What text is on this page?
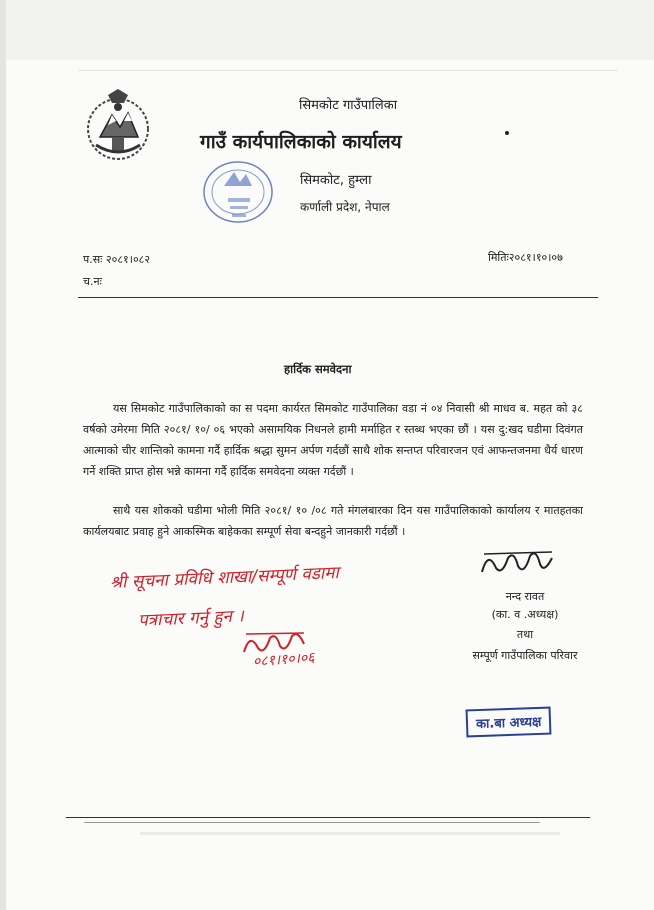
सिमकोट गाउँपालिका
गाउँ कार्यपालिकाको कार्यालय
सिमकोट, हुम्ला
कर्णाली प्रदेश, नेपाल
प.सः २०८१।०८२
च.नः
मितिः२०८१।१०।०७
हार्दिक समवेदना
यस सिमकोट गाउँपालिकाको का स पदमा कार्यरत सिमकोट गाउँपालिका वडा नं ०४ निवासी श्री माधव ब. महत को ३८ वर्षको उमेरमा मिति २०८१/ १०/ ०६ भएको असामयिक निधनले हामी मर्माहित र स्तब्ध भएका छौं । यस दु:खद घडीमा दिवंगत आत्माको चीर शान्तिको कामना गर्दै हार्दिक श्रद्धा सुमन अर्पण गर्दछौं साथै शोक सन्तप्त परिवारजन एवं आफन्तजनमा धैर्य धारण गर्ने शक्ति प्राप्त होस भन्ने कामना गर्दै हार्दिक समवेदना व्यक्त गर्दछौं ।
साथै यस शोकको घडीमा भोली मिति २०८१/ १० /०८ गते मंगलबारका दिन यस गाउँपालिकाको कार्यालय र मातहतका कार्यलयबाट प्रवाह हुने आकस्मिक बाहेकका सम्पूर्ण सेवा बन्दहुने जानकारी गर्दछौं ।
नन्द रावत
(का. व .अध्यक्ष)
तथा
सम्पूर्ण गाउँपालिका परिवार
श्री सूचना प्रविधि शाखा/सम्पूर्ण वडामा
पत्राचार गर्नु हुन ।
०८१।१०।०६
का.बा अध्यक्ष
